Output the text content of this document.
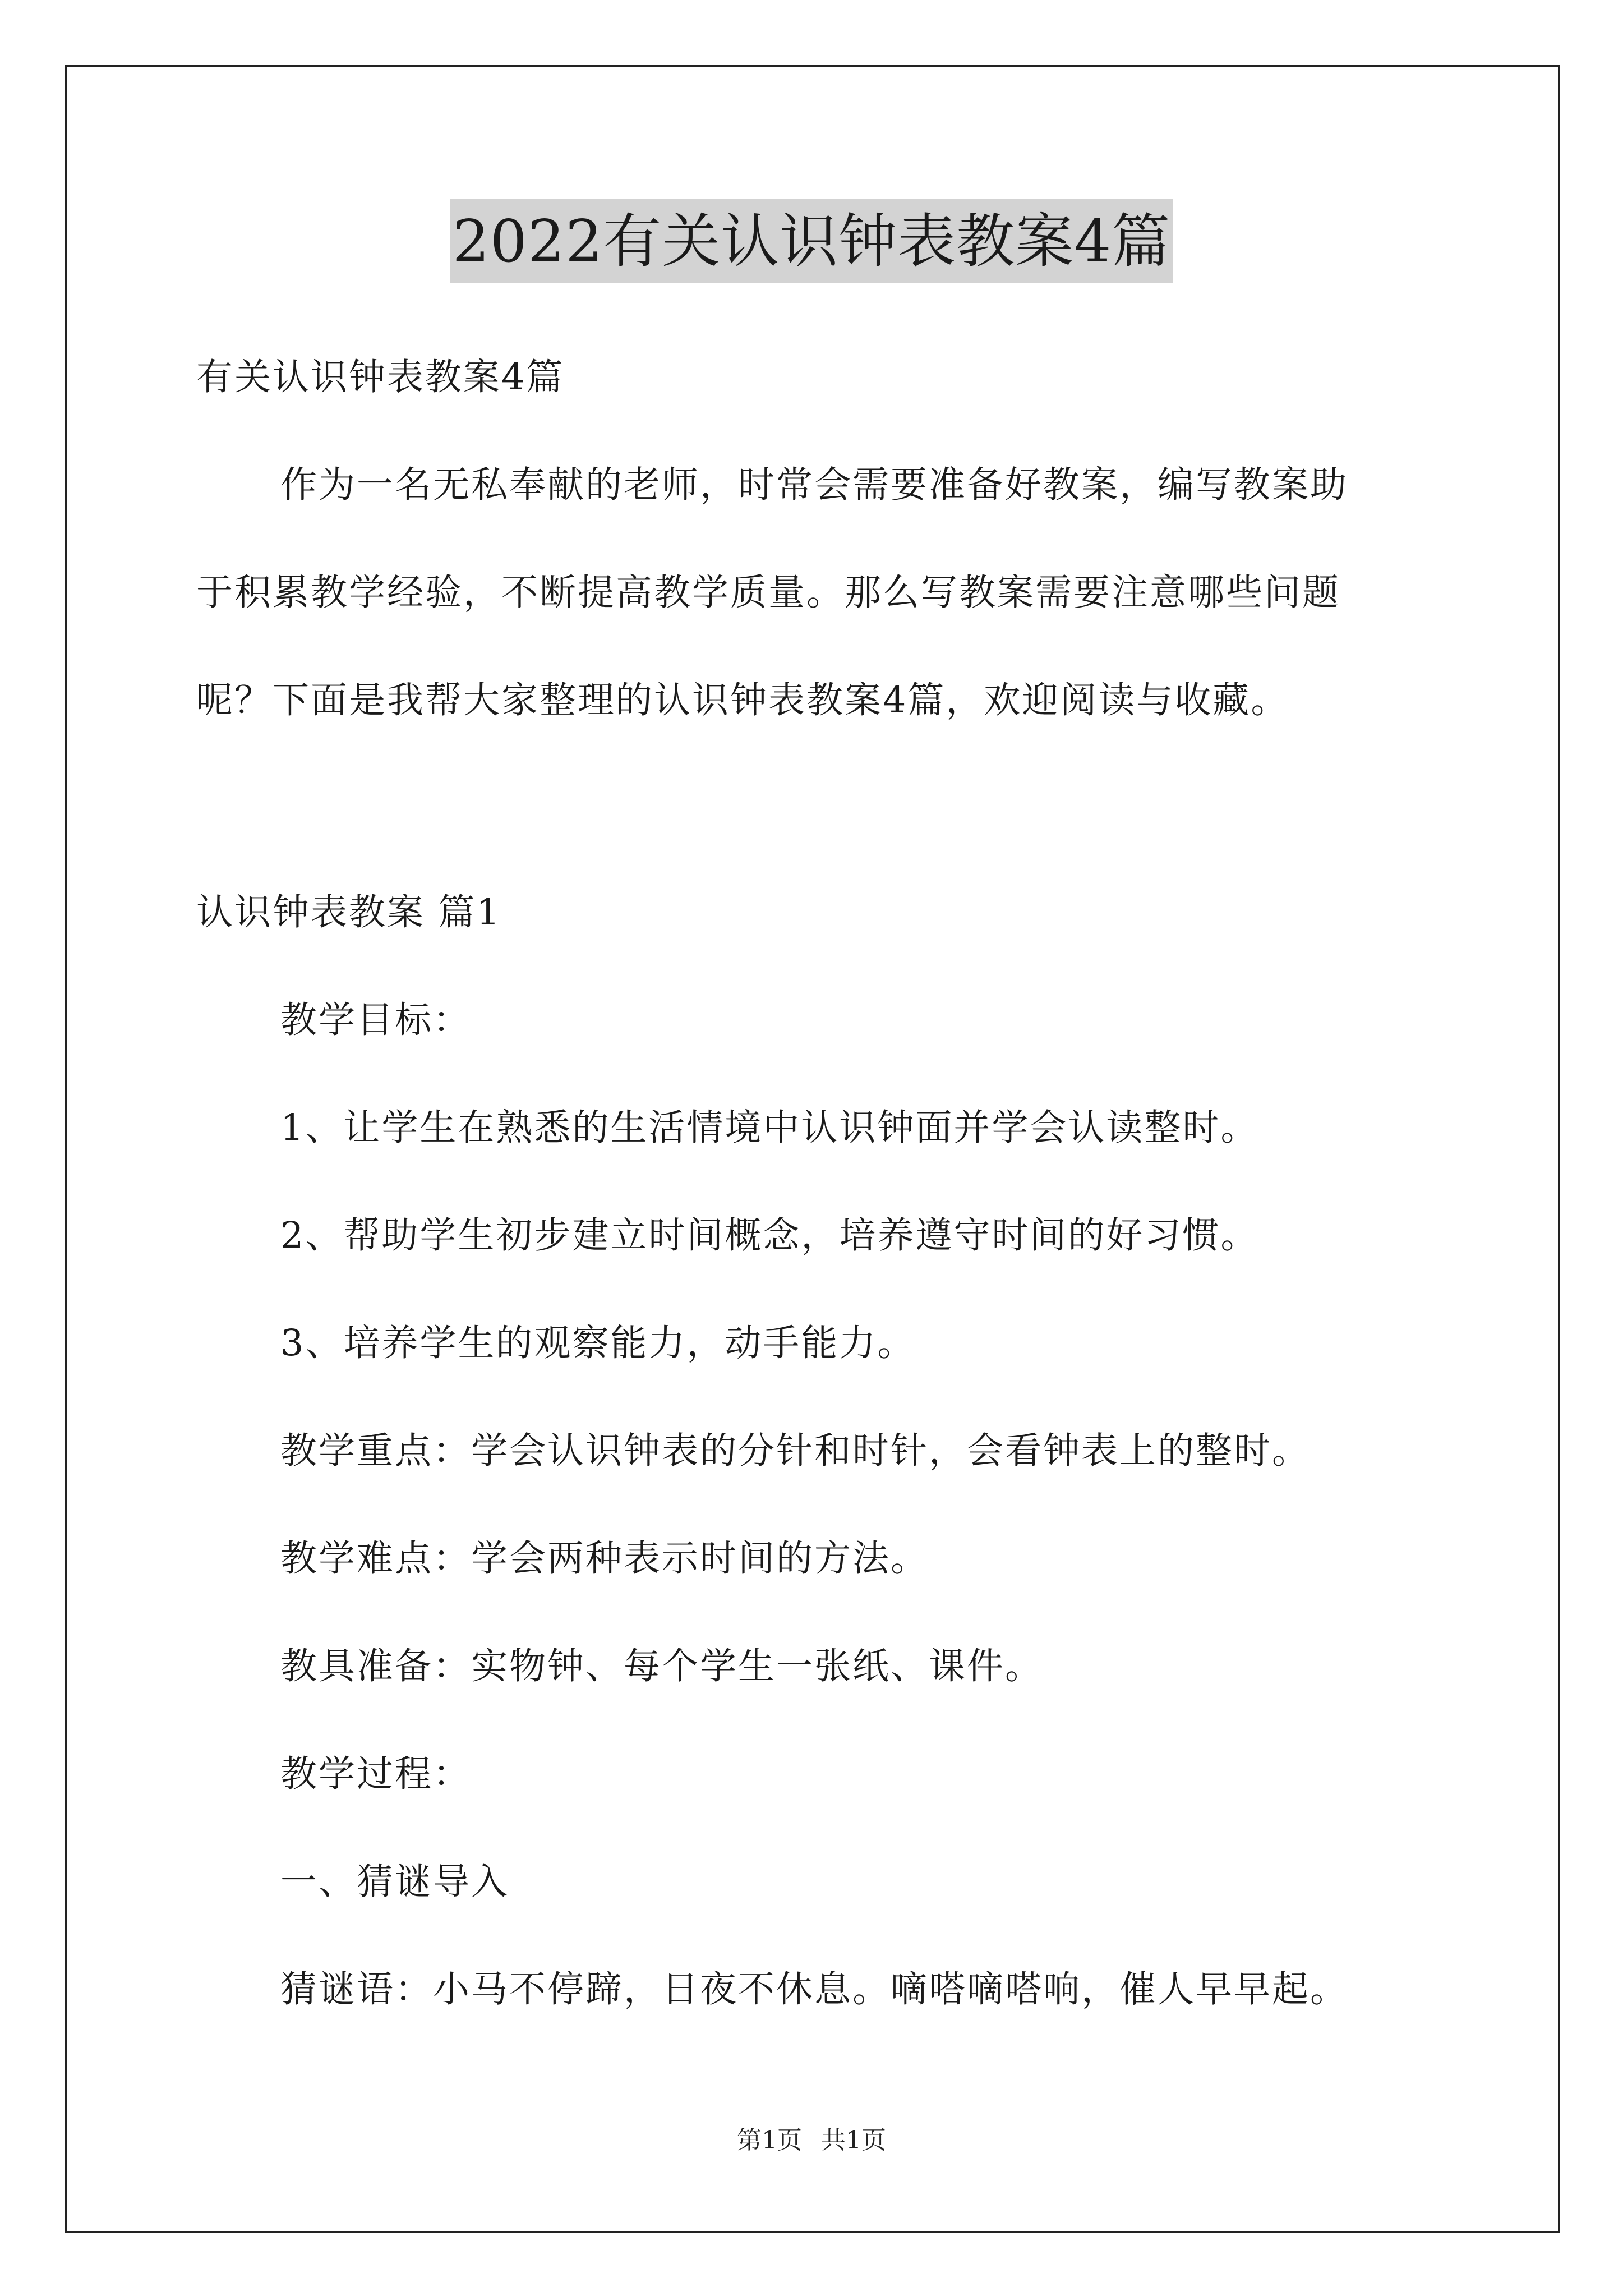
2022有关认识钟表教案4篇
有关认识钟表教案4篇
作为一名无私奉献的老师，时常会需要准备好教案，编写教案助
于积累教学经验，不断提高教学质量。那么写教案需要注意哪些问题
呢？下面是我帮大家整理的认识钟表教案4篇，欢迎阅读与收藏。
认识钟表教案 篇1
教学目标：
1、让学生在熟悉的生活情境中认识钟面并学会认读整时。
2、帮助学生初步建立时间概念，培养遵守时间的好习惯。
3、培养学生的观察能力，动手能力。
教学重点：学会认识钟表的分针和时针，会看钟表上的整时。
教学难点：学会两种表示时间的方法。
教具准备：实物钟、每个学生一张纸、课件。
教学过程：
一、猜谜导入
猜谜语：小马不停蹄，日夜不休息。嘀嗒嘀嗒响，催人早早起。
第1页 共1页
